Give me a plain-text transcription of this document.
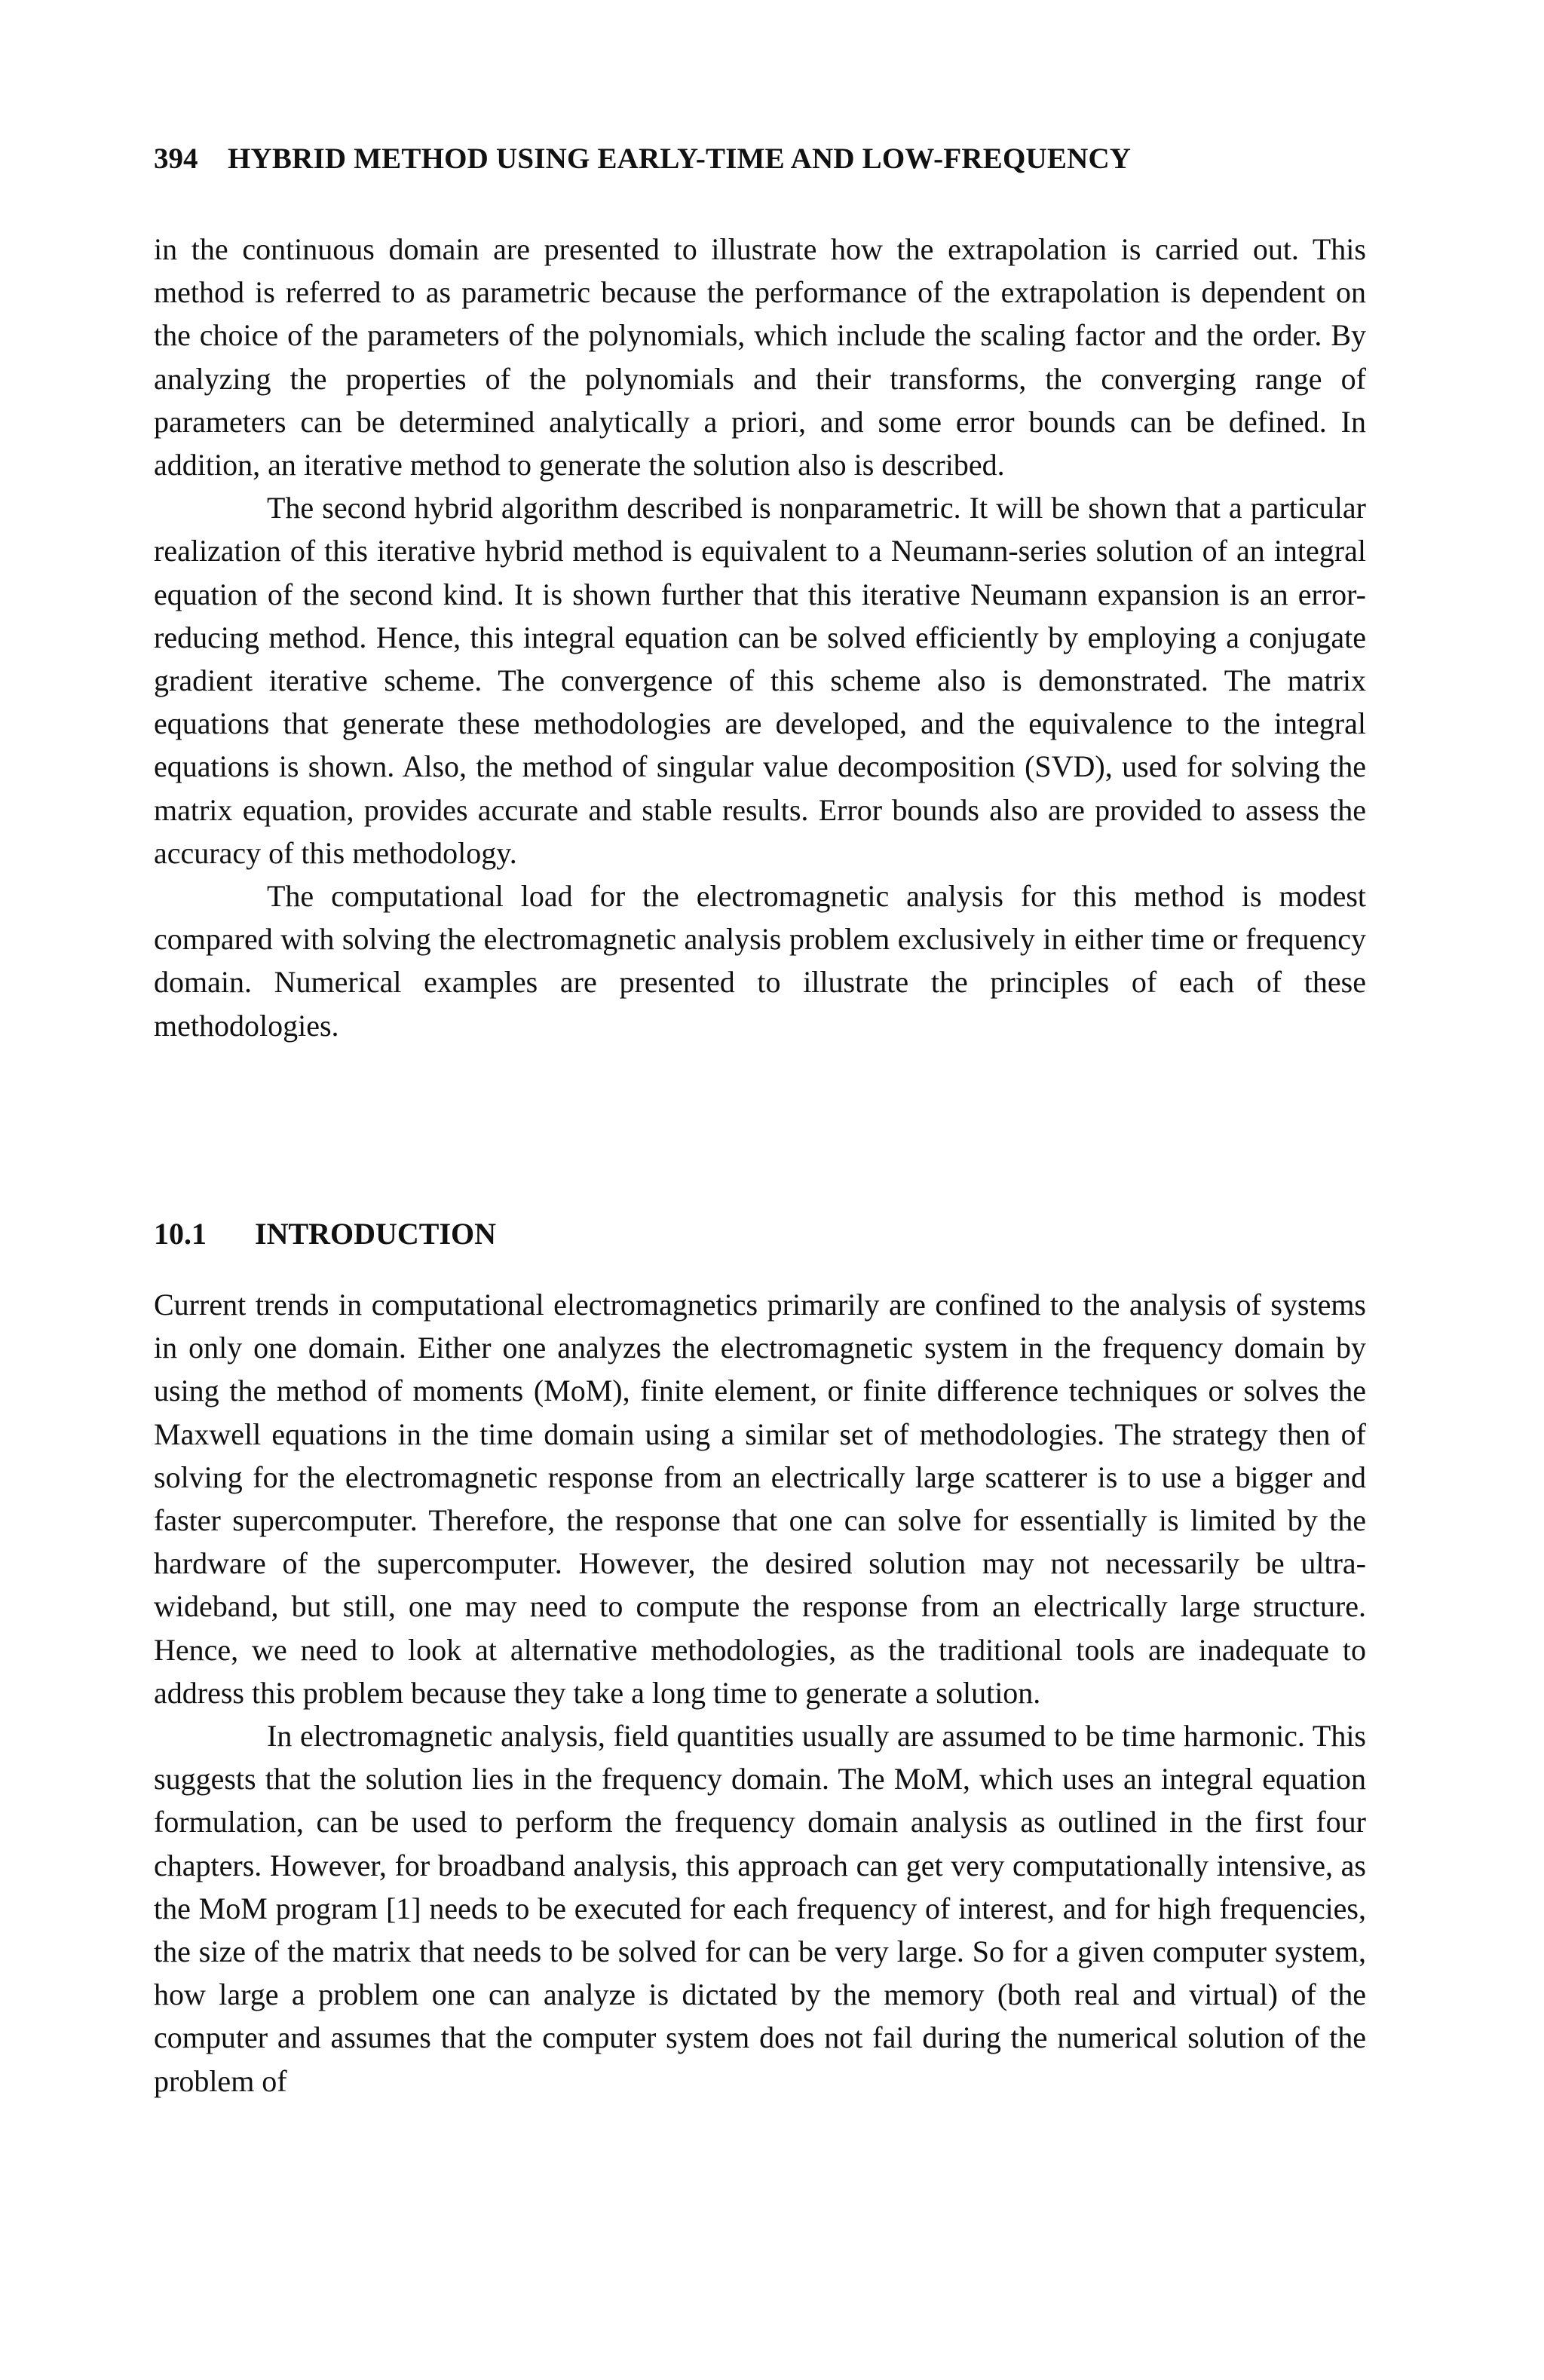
394 HYBRID METHOD USING EARLY-TIME AND LOW-FREQUENCY

in the continuous domain are presented to illustrate how the extrapolation is carried out. This method is referred to as parametric because the performance of the extrapolation is dependent on the choice of the parameters of the polynomials, which include the scaling factor and the order. By analyzing the properties of the polynomials and their transforms, the converging range of parameters can be determined analytically a priori, and some error bounds can be defined. In addition, an iterative method to generate the solution also is described.

The second hybrid algorithm described is nonparametric. It will be shown that a particular realization of this iterative hybrid method is equivalent to a Neumann-series solution of an integral equation of the second kind. It is shown further that this iterative Neumann expansion is an error-reducing method. Hence, this integral equation can be solved efficiently by employing a conjugate gradient iterative scheme. The convergence of this scheme also is demonstrated. The matrix equations that generate these methodologies are developed, and the equivalence to the integral equations is shown. Also, the method of singular value decomposition (SVD), used for solving the matrix equation, provides accurate and stable results. Error bounds also are provided to assess the accuracy of this methodology.

The computational load for the electromagnetic analysis for this method is modest compared with solving the electromagnetic analysis problem exclusively in either time or frequency domain. Numerical examples are presented to illustrate the principles of each of these methodologies.

10.1 INTRODUCTION

Current trends in computational electromagnetics primarily are confined to the analysis of systems in only one domain. Either one analyzes the electromagnetic system in the frequency domain by using the method of moments (MoM), finite element, or finite difference techniques or solves the Maxwell equations in the time domain using a similar set of methodologies. The strategy then of solving for the electromagnetic response from an electrically large scatterer is to use a bigger and faster supercomputer. Therefore, the response that one can solve for essentially is limited by the hardware of the supercomputer. However, the desired solution may not necessarily be ultra-wideband, but still, one may need to compute the response from an electrically large structure. Hence, we need to look at alternative methodologies, as the traditional tools are inadequate to address this problem because they take a long time to generate a solution.

In electromagnetic analysis, field quantities usually are assumed to be time harmonic. This suggests that the solution lies in the frequency domain. The MoM, which uses an integral equation formulation, can be used to perform the frequency domain analysis as outlined in the first four chapters. However, for broadband analysis, this approach can get very computationally intensive, as the MoM program [1] needs to be executed for each frequency of interest, and for high frequencies, the size of the matrix that needs to be solved for can be very large. So for a given computer system, how large a problem one can analyze is dictated by the memory (both real and virtual) of the computer and assumes that the computer system does not fail during the numerical solution of the problem of
